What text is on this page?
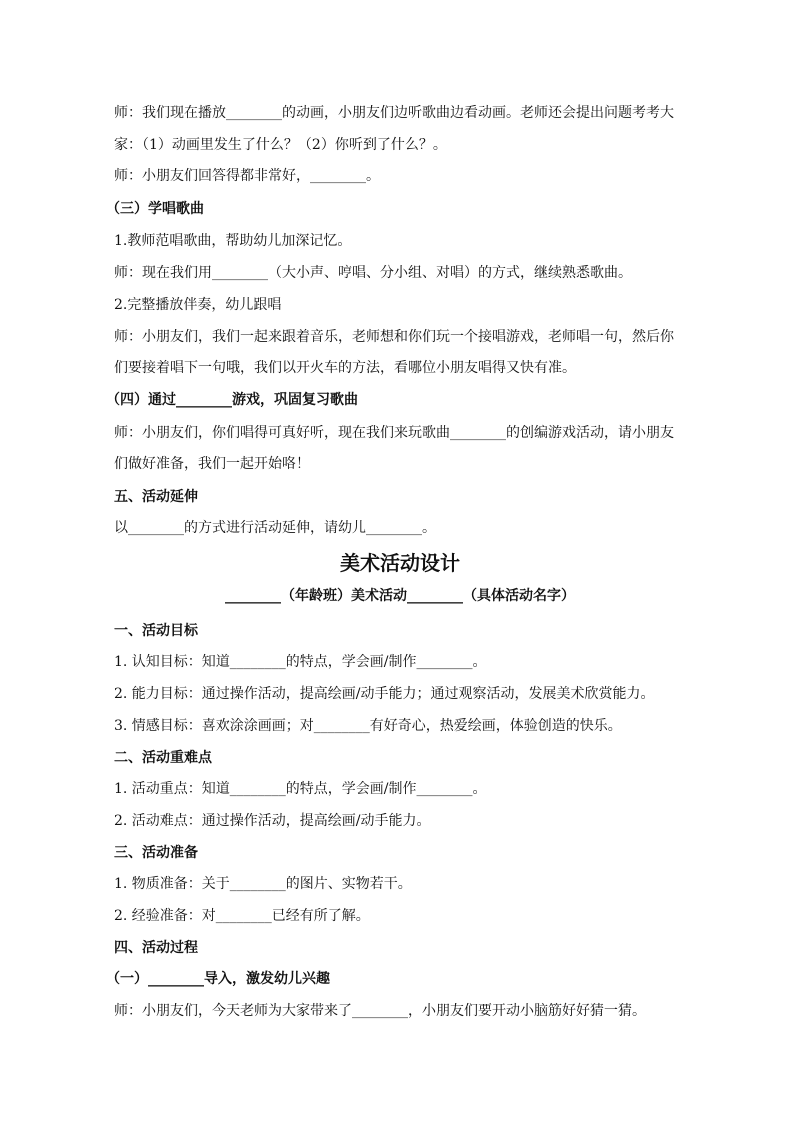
师：我们现在播放________的动画，小朋友们边听歌曲边看动画。老师还会提出问题考考大
家：（1）动画里发生了什么？（2）你听到了什么？。
师：小朋友们回答得都非常好，________。
（三）学唱歌曲
1.教师范唱歌曲，帮助幼儿加深记忆。
师：现在我们用________（大小声、哼唱、分小组、对唱）的方式，继续熟悉歌曲。
2.完整播放伴奏，幼儿跟唱
师：小朋友们，我们一起来跟着音乐，老师想和你们玩一个接唱游戏，老师唱一句，然后你
们要接着唱下一句哦，我们以开火车的方法，看哪位小朋友唱得又快有准。
（四）通过________游戏，巩固复习歌曲
师：小朋友们，你们唱得可真好听，现在我们来玩歌曲________的创编游戏活动，请小朋友
们做好准备，我们一起开始咯！
五、活动延伸
以________的方式进行活动延伸，请幼儿________。
美术活动设计
________（年龄班）美术活动________（具体活动名字）
一、活动目标
1. 认知目标：知道________的特点，学会画/制作________。
2. 能力目标：通过操作活动，提高绘画/动手能力；通过观察活动，发展美术欣赏能力。
3. 情感目标：喜欢涂涂画画；对________有好奇心，热爱绘画，体验创造的快乐。
二、活动重难点
1. 活动重点：知道________的特点，学会画/制作________。
2. 活动难点：通过操作活动，提高绘画/动手能力。
三、活动准备
1. 物质准备：关于________的图片、实物若干。
2. 经验准备：对________已经有所了解。
四、活动过程
（一）________导入，激发幼儿兴趣
师：小朋友们，今天老师为大家带来了________，小朋友们要开动小脑筋好好猜一猜。
